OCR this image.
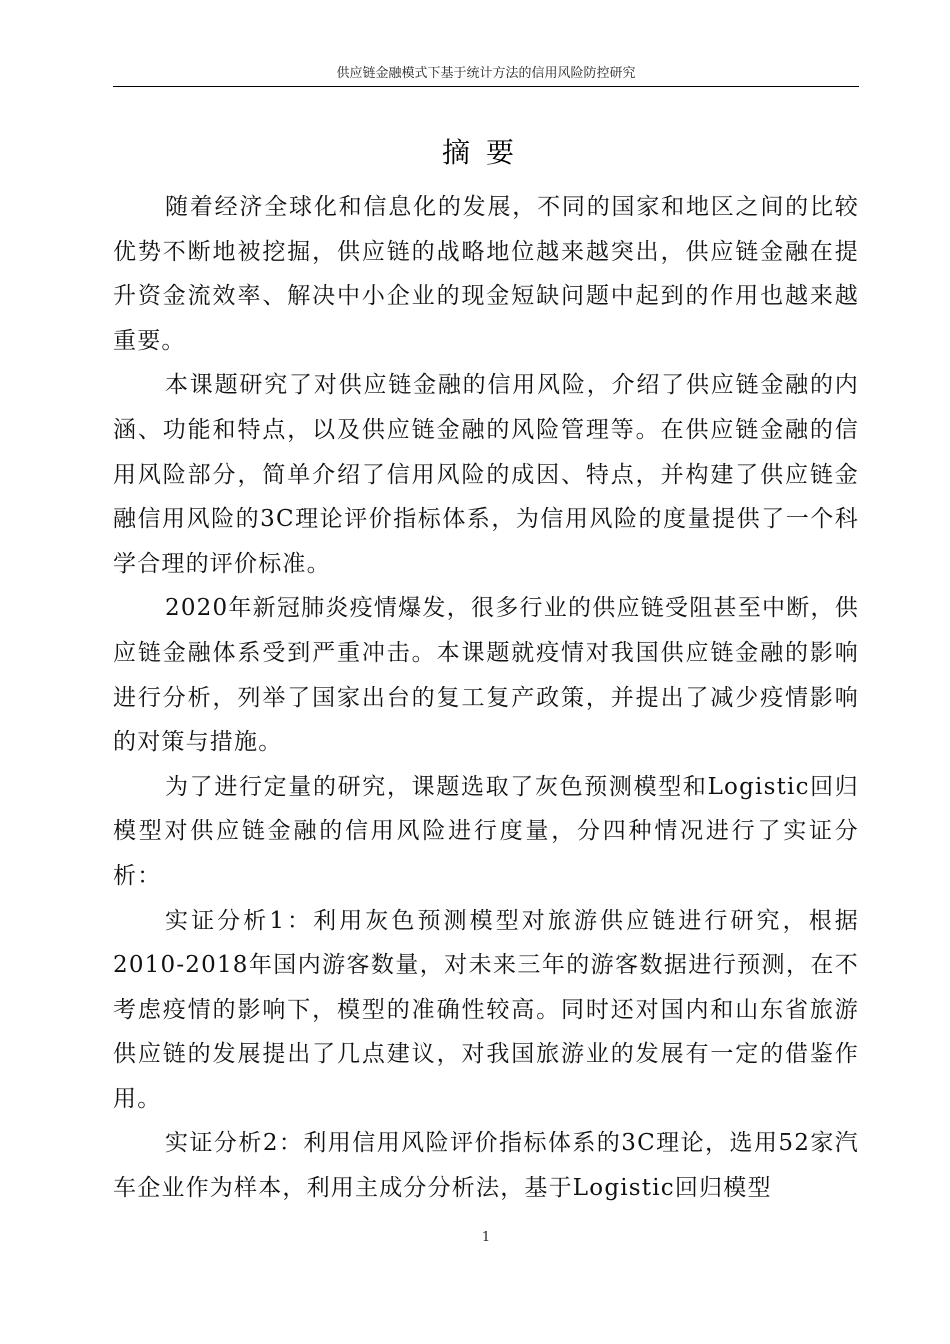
供应链金融模式下基于统计方法的信用风险防控研究
摘要

随着经济全球化和信息化的发展，不同的国家和地区之间的比较优势不断地被挖掘，供应链的战略地位越来越突出，供应链金融在提升资金流效率、解决中小企业的现金短缺问题中起到的作用也越来越重要。

本课题研究了对供应链金融的信用风险，介绍了供应链金融的内涵、功能和特点，以及供应链金融的风险管理等。在供应链金融的信用风险部分，简单介绍了信用风险的成因、特点，并构建了供应链金融信用风险的3C理论评价指标体系，为信用风险的度量提供了一个科学合理的评价标准。

2020年新冠肺炎疫情爆发，很多行业的供应链受阻甚至中断，供应链金融体系受到严重冲击。本课题就疫情对我国供应链金融的影响进行分析，列举了国家出台的复工复产政策，并提出了减少疫情影响的对策与措施。

为了进行定量的研究，课题选取了灰色预测模型和Logistic回归模型对供应链金融的信用风险进行度量，分四种情况进行了实证分析：

实证分析1：利用灰色预测模型对旅游供应链进行研究，根据2010-2018年国内游客数量，对未来三年的游客数据进行预测，在不考虑疫情的影响下，模型的准确性较高。同时还对国内和山东省旅游供应链的发展提出了几点建议，对我国旅游业的发展有一定的借鉴作用。

实证分析2：利用信用风险评价指标体系的3C理论，选用52家汽车企业作为样本，利用主成分分析法，基于Logistic回归模型

1
